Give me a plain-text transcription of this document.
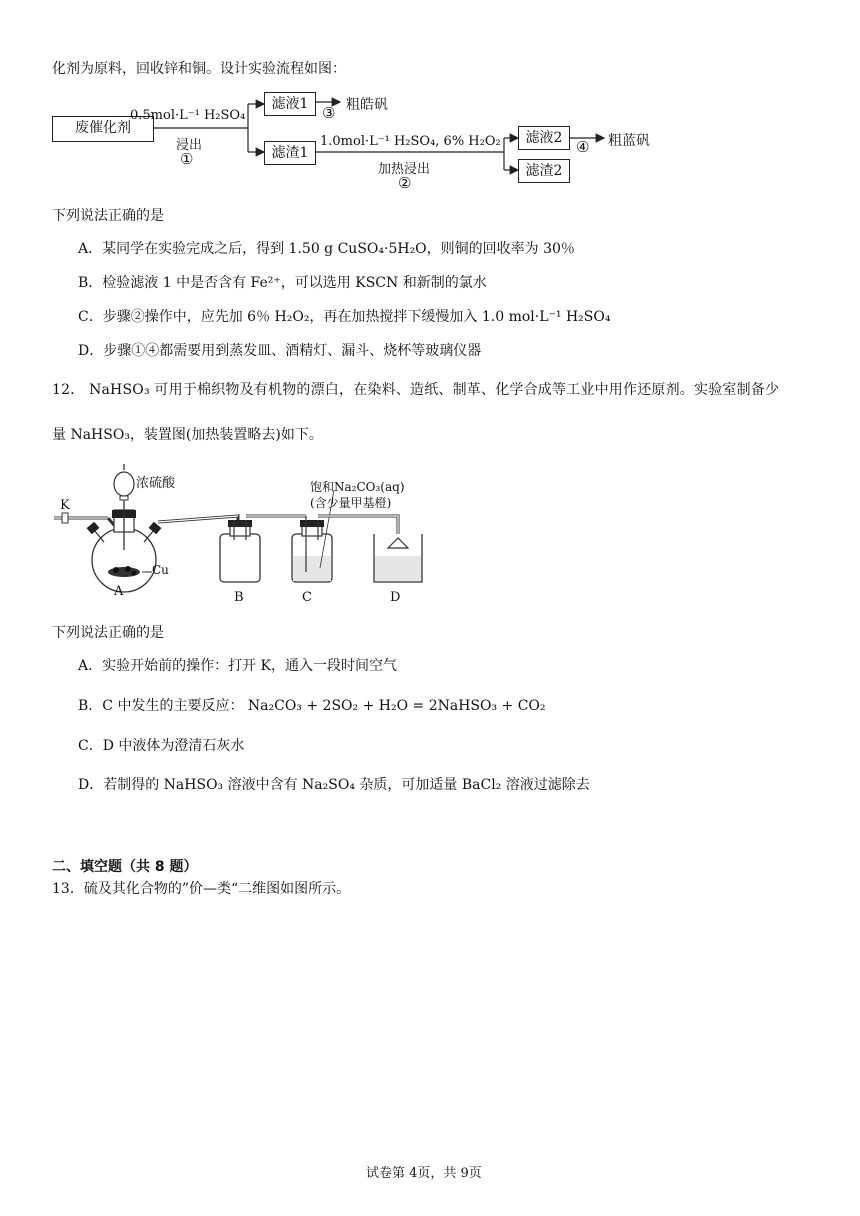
化剂为原料，回收锌和铜。设计实验流程如图：
废催化剂
0.5mol·L⁻¹ H₂SO₄
浸出
①
滤液1 ③ 粗皓矾
滤渣1
1.0mol·L⁻¹ H₂SO₄, 6% H₂O₂
加热浸出
②
滤液2 ④ 粗蓝矾
滤渣2
下列说法正确的是
A．某同学在实验完成之后，得到 1.50 g CuSO₄·5H₂O，则铜的回收率为 30％
B．检验滤液 1 中是否含有 Fe²⁺，可以选用 KSCN 和新制的氯水
C．步骤②操作中，应先加 6％ H₂O₂，再在加热搅拌下缓慢加入 1.0 mol·L⁻¹ H₂SO₄
D．步骤①④都需要用到蒸发皿、酒精灯、漏斗、烧杯等玻璃仪器
12． NaHSO₃ 可用于棉织物及有机物的漂白，在染料、造纸、制革、化学合成等工业中用作还原剂。实验室制备少
量 NaHSO₃，装置图(加热装置略去)如下。
K
浓硫酸
Cu
饱和Na₂CO₃(aq)
(含少量甲基橙)
A	B	C	D
下列说法正确的是
A．实验开始前的操作：打开 K，通入一段时间空气
B．C 中发生的主要反应： Na₂CO₃ + 2SO₂ + H₂O = 2NaHSO₃ + CO₂
C．D 中液体为澄清石灰水
D．若制得的 NaHSO₃ 溶液中含有 Na₂SO₄ 杂质，可加适量 BaCl₂ 溶液过滤除去
二、填空题（共 8 题）
13．硫及其化合物的”价—类“二维图如图所示。
试卷第 4页，共 9页
